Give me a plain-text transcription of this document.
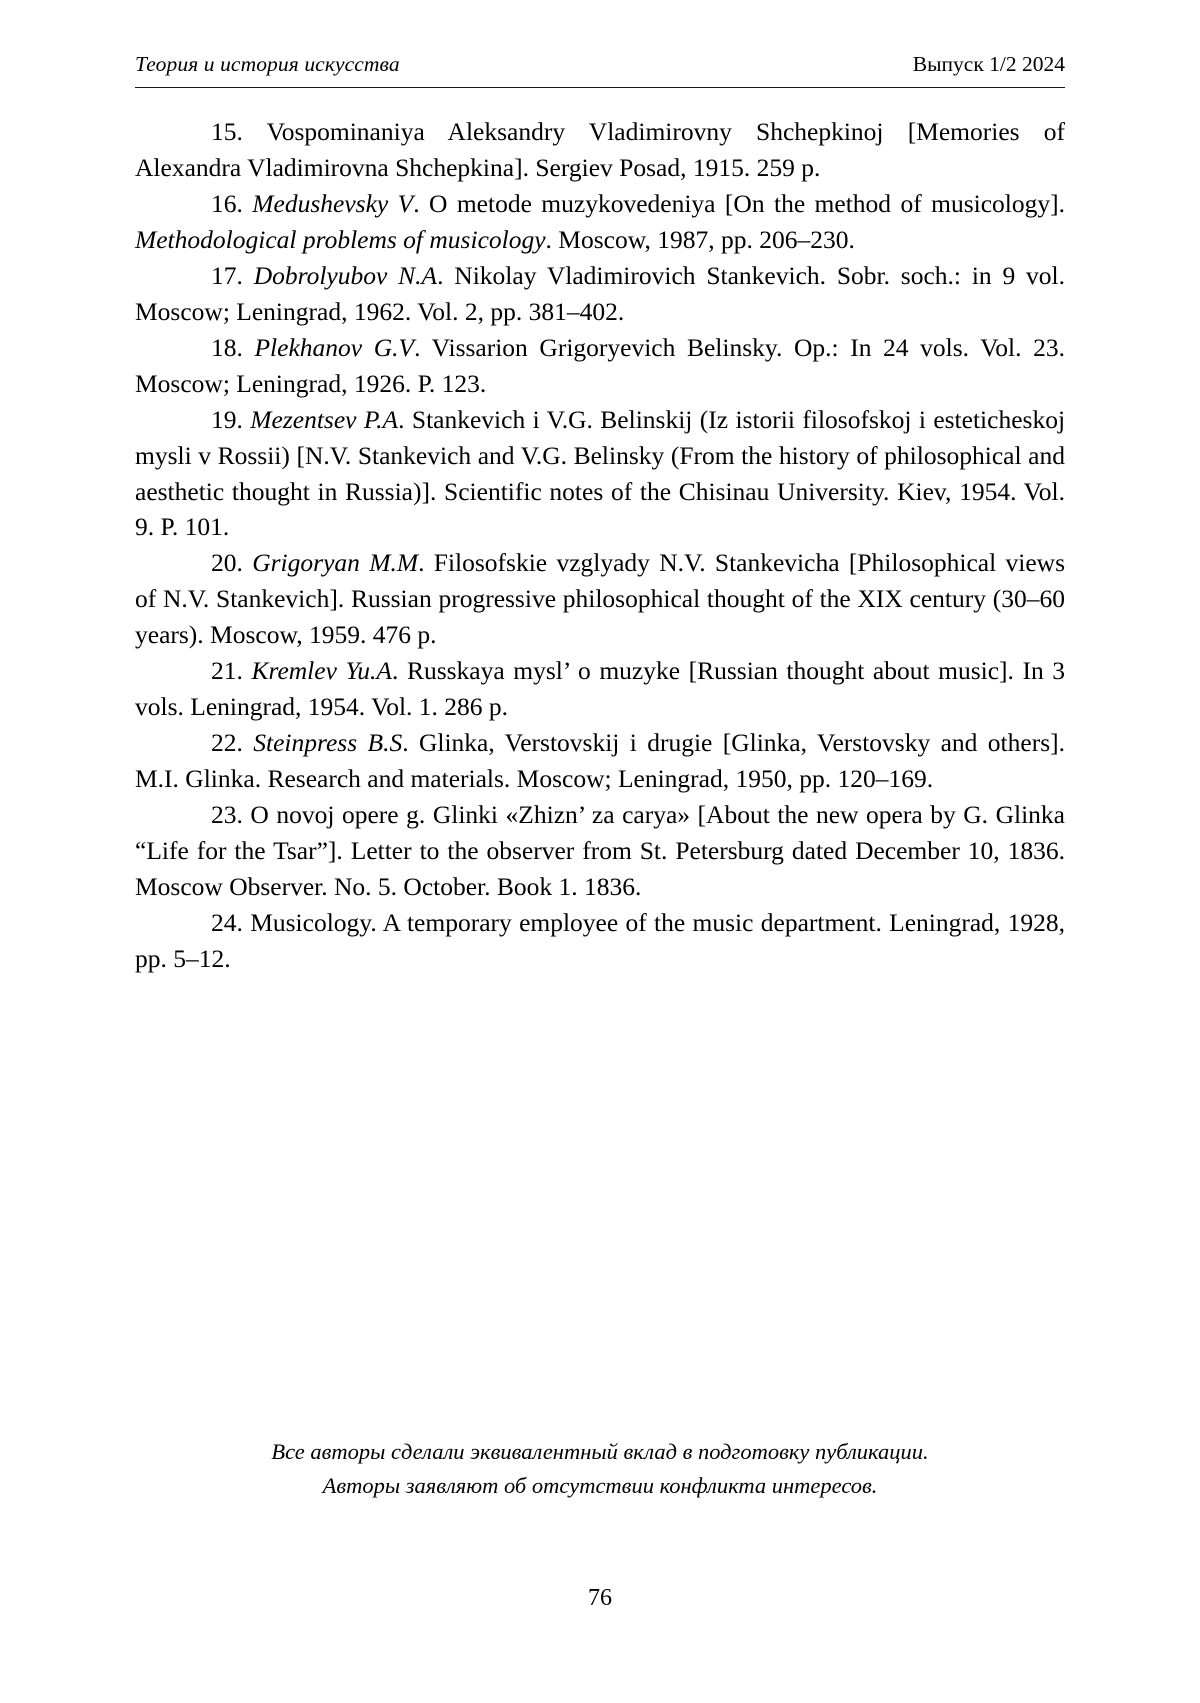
Теория и история искусства	Выпуск 1/2 2024

15. Vospominaniya Aleksandry Vladimirovny Shchepkinoj [Memories of Alexandra Vladimirovna Shchepkina]. Sergiev Posad, 1915. 259 p.

16. Medushevsky V. O metode muzykovedeniya [On the method of musicology]. Methodological problems of musicology. Moscow, 1987, pp. 206–230.

17. Dobrolyubov N.A. Nikolay Vladimirovich Stankevich. Sobr. soch.: in 9 vol. Moscow; Leningrad, 1962. Vol. 2, pp. 381–402.

18. Plekhanov G.V. Vissarion Grigoryevich Belinsky. Op.: In 24 vols. Vol. 23. Moscow; Leningrad, 1926. P. 123.

19. Mezentsev P.A. Stankevich i V.G. Belinskij (Iz istorii filosofskoj i esteticheskoj mysli v Rossii) [N.V. Stankevich and V.G. Belinsky (From the history of philosophical and aesthetic thought in Russia)]. Scientific notes of the Chisinau University. Kiev, 1954. Vol. 9. P. 101.

20. Grigoryan M.M. Filosofskie vzglyady N.V. Stankevicha [Philosophical views of N.V. Stankevich]. Russian progressive philosophical thought of the XIX century (30–60 years). Moscow, 1959. 476 p.

21. Kremlev Yu.A. Russkaya mysl’ o muzyke [Russian thought about music]. In 3 vols. Leningrad, 1954. Vol. 1. 286 p.

22. Steinpress B.S. Glinka, Verstovskij i drugie [Glinka, Verstovsky and others]. M.I. Glinka. Research and materials. Moscow; Leningrad, 1950, pp. 120–169.

23. O novoj opere g. Glinki «Zhizn’ za carya» [About the new opera by G. Glinka “Life for the Tsar”]. Letter to the observer from St. Petersburg dated December 10, 1836. Moscow Observer. No. 5. October. Book 1. 1836.

24. Musicology. A temporary employee of the music department. Leningrad, 1928, pp. 5–12.

Все авторы сделали эквивалентный вклад в подготовку публикации.
Авторы заявляют об отсутствии конфликта интересов.
76
